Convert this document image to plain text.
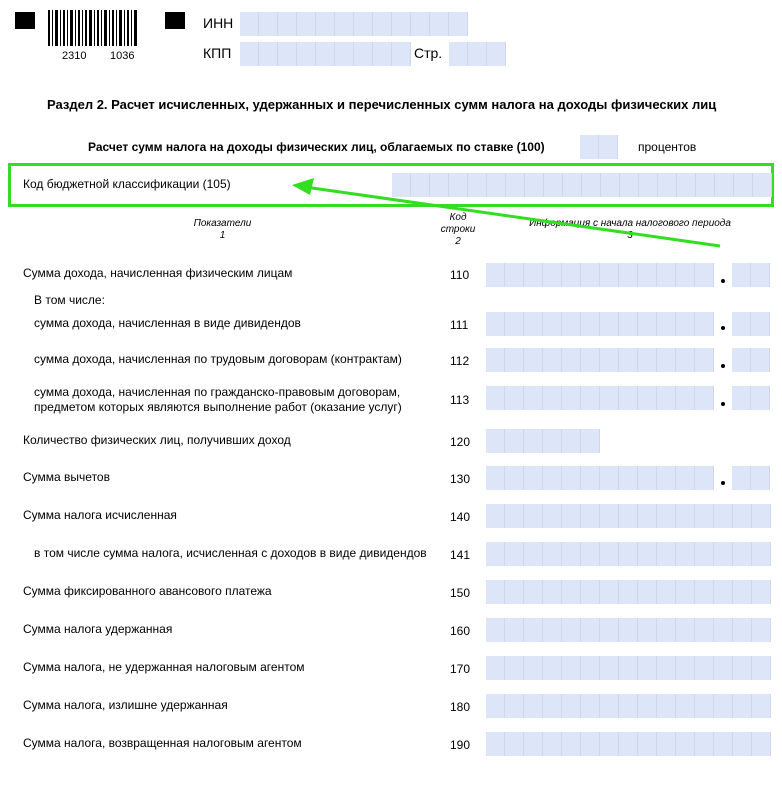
2310 1036
ИНН
КПП	Стр.
Раздел 2. Расчет исчисленных, удержанных и перечисленных сумм налога на доходы физических лиц
Расчет сумм налога на доходы физических лиц, облагаемых по ставке (100)	процентов
Код бюджетной классификации (105)
Показатели
1
Код
строки
2
Информация с начала налогового периода
3
Сумма дохода, начисленная физическим лицам	110
В том числе:
сумма дохода, начисленная в виде дивидендов	111
сумма дохода, начисленная по трудовым договорам (контрактам)	112
сумма дохода, начисленная по гражданско-правовым договорам,
предметом которых являются выполнение работ (оказание услуг)	113
Количество физических лиц, получивших доход	120
Сумма вычетов	130
Сумма налога исчисленная	140
в том числе сумма налога, исчисленная с доходов в виде дивидендов 141
Сумма фиксированного авансового платежа	150
Сумма налога удержанная	160
Сумма налога, не удержанная налоговым агентом	170
Сумма налога, излишне удержанная	180
Сумма налога, возвращенная налоговым агентом	190
